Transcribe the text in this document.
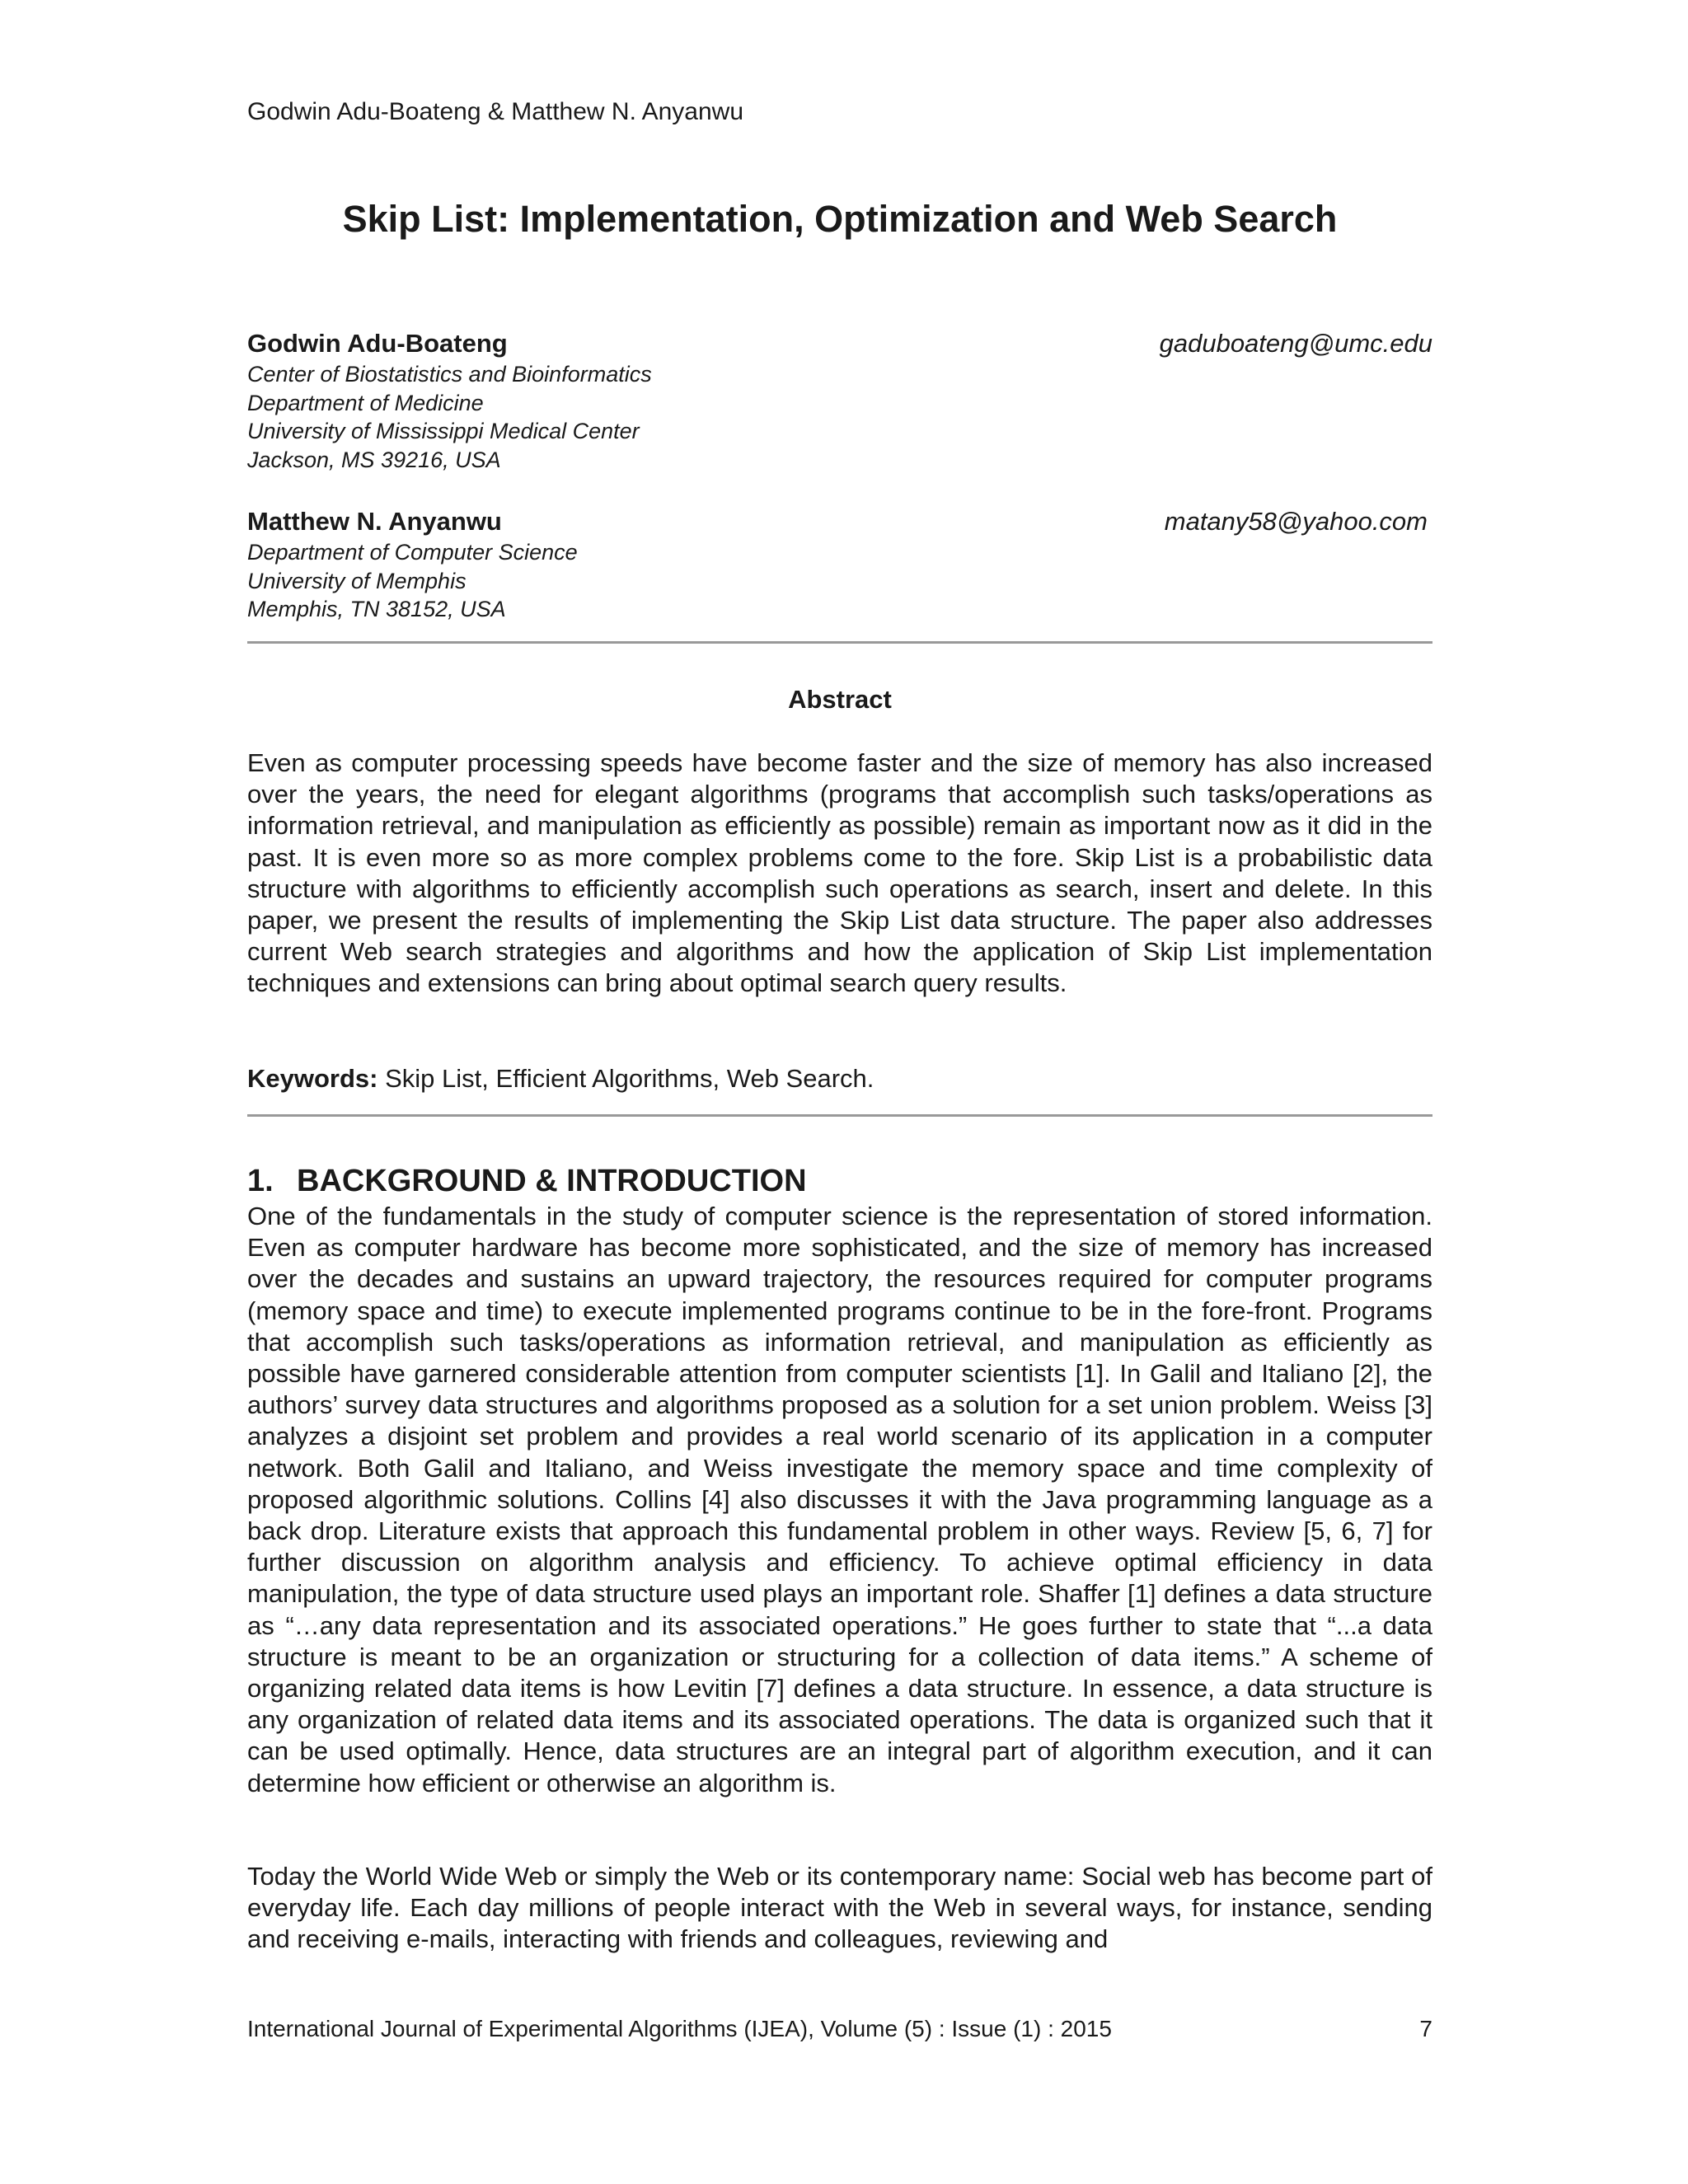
Godwin Adu-Boateng & Matthew N. Anyanwu
Skip List: Implementation, Optimization and Web Search
Godwin Adu-Boateng	gaduboateng@umc.edu
Center of Biostatistics and Bioinformatics
Department of Medicine
University of Mississippi Medical Center
Jackson, MS 39216, USA
Matthew N. Anyanwu	matany58@yahoo.com
Department of Computer Science
University of Memphis
Memphis, TN 38152, USA
Abstract

Even as computer processing speeds have become faster and the size of memory has also increased over the years, the need for elegant algorithms (programs that accomplish such tasks/operations as information retrieval, and manipulation as efficiently as possible) remain as important now as it did in the past. It is even more so as more complex problems come to the fore. Skip List is a probabilistic data structure with algorithms to efficiently accomplish such operations as search, insert and delete. In this paper, we present the results of implementing the Skip List data structure. The paper also addresses current Web search strategies and algorithms and how the application of Skip List implementation techniques and extensions can bring about optimal search query results.

Keywords: Skip List, Efficient Algorithms, Web Search.

1. BACKGROUND & INTRODUCTION

One of the fundamentals in the study of computer science is the representation of stored information. Even as computer hardware has become more sophisticated, and the size of memory has increased over the decades and sustains an upward trajectory, the resources required for computer programs (memory space and time) to execute implemented programs continue to be in the fore-front. Programs that accomplish such tasks/operations as information retrieval, and manipulation as efficiently as possible have garnered considerable attention from computer scientists [1]. In Galil and Italiano [2], the authors’ survey data structures and algorithms proposed as a solution for a set union problem. Weiss [3] analyzes a disjoint set problem and provides a real world scenario of its application in a computer network. Both Galil and Italiano, and Weiss investigate the memory space and time complexity of proposed algorithmic solutions. Collins [4] also discusses it with the Java programming language as a back drop. Literature exists that approach this fundamental problem in other ways. Review [5, 6, 7] for further discussion on algorithm analysis and efficiency. To achieve optimal efficiency in data manipulation, the type of data structure used plays an important role. Shaffer [1] defines a data structure as “…any data representation and its associated operations.” He goes further to state that “...a data structure is meant to be an organization or structuring for a collection of data items.” A scheme of organizing related data items is how Levitin [7] defines a data structure. In essence, a data structure is any organization of related data items and its associated operations. The data is organized such that it can be used optimally. Hence, data structures are an integral part of algorithm execution, and it can determine how efficient or otherwise an algorithm is.

Today the World Wide Web or simply the Web or its contemporary name: Social web has become part of everyday life. Each day millions of people interact with the Web in several ways, for instance, sending and receiving e-mails, interacting with friends and colleagues, reviewing and

International Journal of Experimental Algorithms (IJEA), Volume (5) : Issue (1) : 2015	7
